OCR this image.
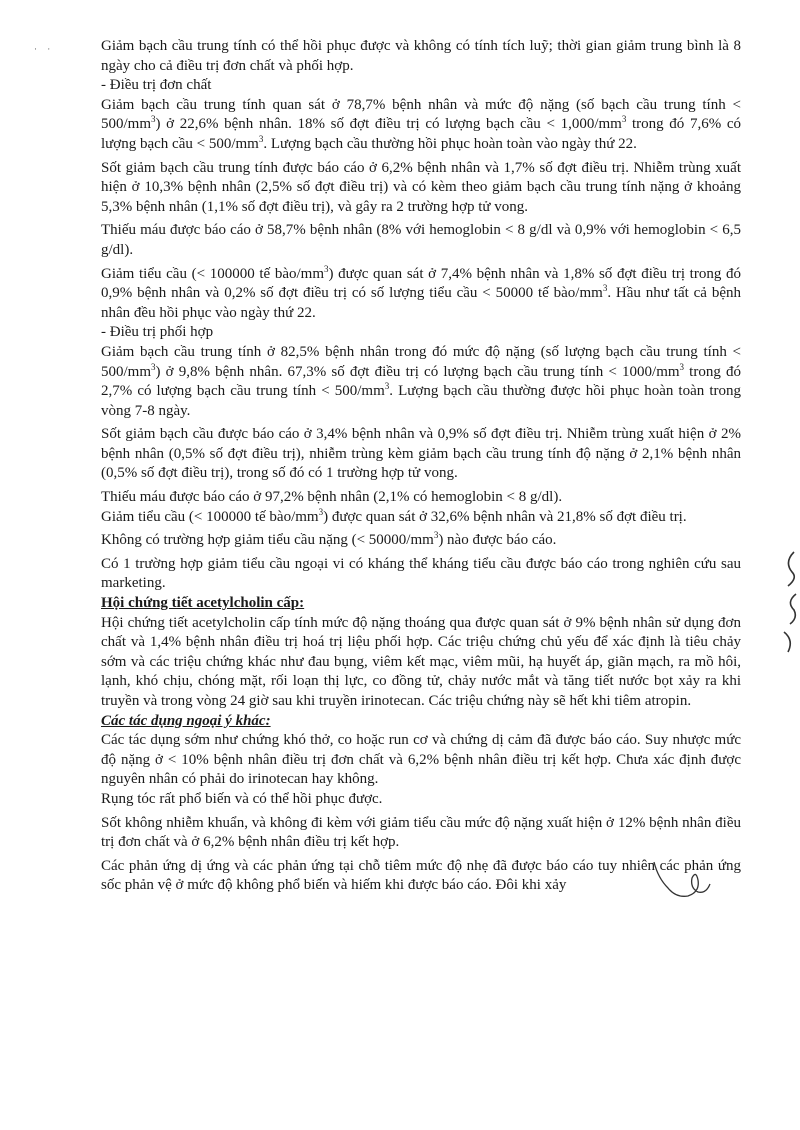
· ·	Giảm bạch cầu trung tính có thể hồi phục được và không có tính tích luỹ; thời gian giảm trung bình là 8 ngày cho cả điều trị đơn chất và phối hợp.

- Điều trị đơn chất

Giảm bạch cầu trung tính quan sát ở 78,7% bệnh nhân và mức độ nặng (số bạch cầu trung tính < $500/mm^3$) ở 22,6% bệnh nhân. 18% số đợt điều trị có lượng bạch cầu < $1,000/mm^3$ trong đó 7,6% có lượng bạch cầu < $500/mm^3$. Lượng bạch cầu thường hồi phục hoàn toàn vào ngày thứ 22.

Sốt giảm bạch cầu trung tính được báo cáo ở 6,2% bệnh nhân và 1,7% số đợt điều trị. Nhiễm trùng xuất hiện ở 10,3% bệnh nhân (2,5% số đợt điều trị) và có kèm theo giảm bạch cầu trung tính nặng ở khoảng 5,3% bệnh nhân (1,1% số đợt điều trị), và gây ra 2 trường hợp tử vong.

Thiếu máu được báo cáo ở 58,7% bệnh nhân (8% với hemoglobin < 8 g/dl và 0,9% với hemoglobin < 6,5 g/dl).

Giảm tiểu cầu (< 100000 tế bào/$mm^3$) được quan sát ở 7,4% bệnh nhân và 1,8% số đợt điều trị trong đó 0,9% bệnh nhân và 0,2% số đợt điều trị có số lượng tiểu cầu < 50000 tế bào/$mm^3$. Hầu như tất cả bệnh nhân đều hồi phục vào ngày thứ 22.

- Điều trị phối hợp

Giảm bạch cầu trung tính ở 82,5% bệnh nhân trong đó mức độ nặng (số lượng bạch cầu trung tính < $500/mm^3$) ở 9,8% bệnh nhân. 67,3% số đợt điều trị có lượng bạch cầu trung tính < $1000/mm^3$ trong đó 2,7% có lượng bạch cầu trung tính < $500/mm^3$. Lượng bạch cầu thường được hồi phục hoàn toàn trong vòng 7-8 ngày.

Sốt giảm bạch cầu được báo cáo ở 3,4% bệnh nhân và 0,9% số đợt điều trị. Nhiễm trùng xuất hiện ở 2% bệnh nhân (0,5% số đợt điều trị), nhiễm trùng kèm giảm bạch cầu trung tính độ nặng ở 2,1% bệnh nhân (0,5% số đợt điều trị), trong số đó có 1 trường hợp tử vong.

Thiếu máu được báo cáo ở 97,2% bệnh nhân (2,1% có hemoglobin < 8 g/dl).

Giảm tiểu cầu (< 100000 tế bào/$mm^3$) được quan sát ở 32,6% bệnh nhân và 21,8% số đợt điều trị.

Không có trường hợp giảm tiểu cầu nặng (< $50000/mm^3$) nào được báo cáo.

Có 1 trường hợp giảm tiểu cầu ngoại vi có kháng thể kháng tiểu cầu được báo cáo trong nghiên cứu sau marketing.

Hội chứng tiết acetylcholin cấp:

Hội chứng tiết acetylcholin cấp tính mức độ nặng thoáng qua được quan sát ở 9% bệnh nhân sử dụng đơn chất và 1,4% bệnh nhân điều trị hoá trị liệu phối hợp. Các triệu chứng chủ yếu để xác định là tiêu chảy sớm và các triệu chứng khác như đau bụng, viêm kết mạc, viêm mũi, hạ huyết áp, giãn mạch, ra mồ hôi, lạnh, khó chịu, chóng mặt, rối loạn thị lực, co đồng tử, chảy nước mắt và tăng tiết nước bọt xảy ra khi truyền và trong vòng 24 giờ sau khi truyền irinotecan. Các triệu chứng này sẽ hết khi tiêm atropin.

Các tác dụng ngoại ý khác:

Các tác dụng sớm như chứng khó thở, co hoặc run cơ và chứng dị cảm đã được báo cáo. Suy nhược mức độ nặng ở < 10% bệnh nhân điều trị đơn chất và 6,2% bệnh nhân điều trị kết hợp. Chưa xác định được nguyên nhân có phải do irinotecan hay không.

Rụng tóc rất phổ biến và có thể hồi phục được.

Sốt không nhiễm khuẩn, và không đi kèm với giảm tiểu cầu mức độ nặng xuất hiện ở 12% bệnh nhân điều trị đơn chất và ở 6,2% bệnh nhân điều trị kết hợp.

Các phản ứng dị ứng và các phản ứng tại chỗ tiêm mức độ nhẹ đã được báo cáo tuy nhiên các phản ứng sốc phản vệ ở mức độ không phổ biến và hiếm khi được báo cáo. Đôi khi xảy
